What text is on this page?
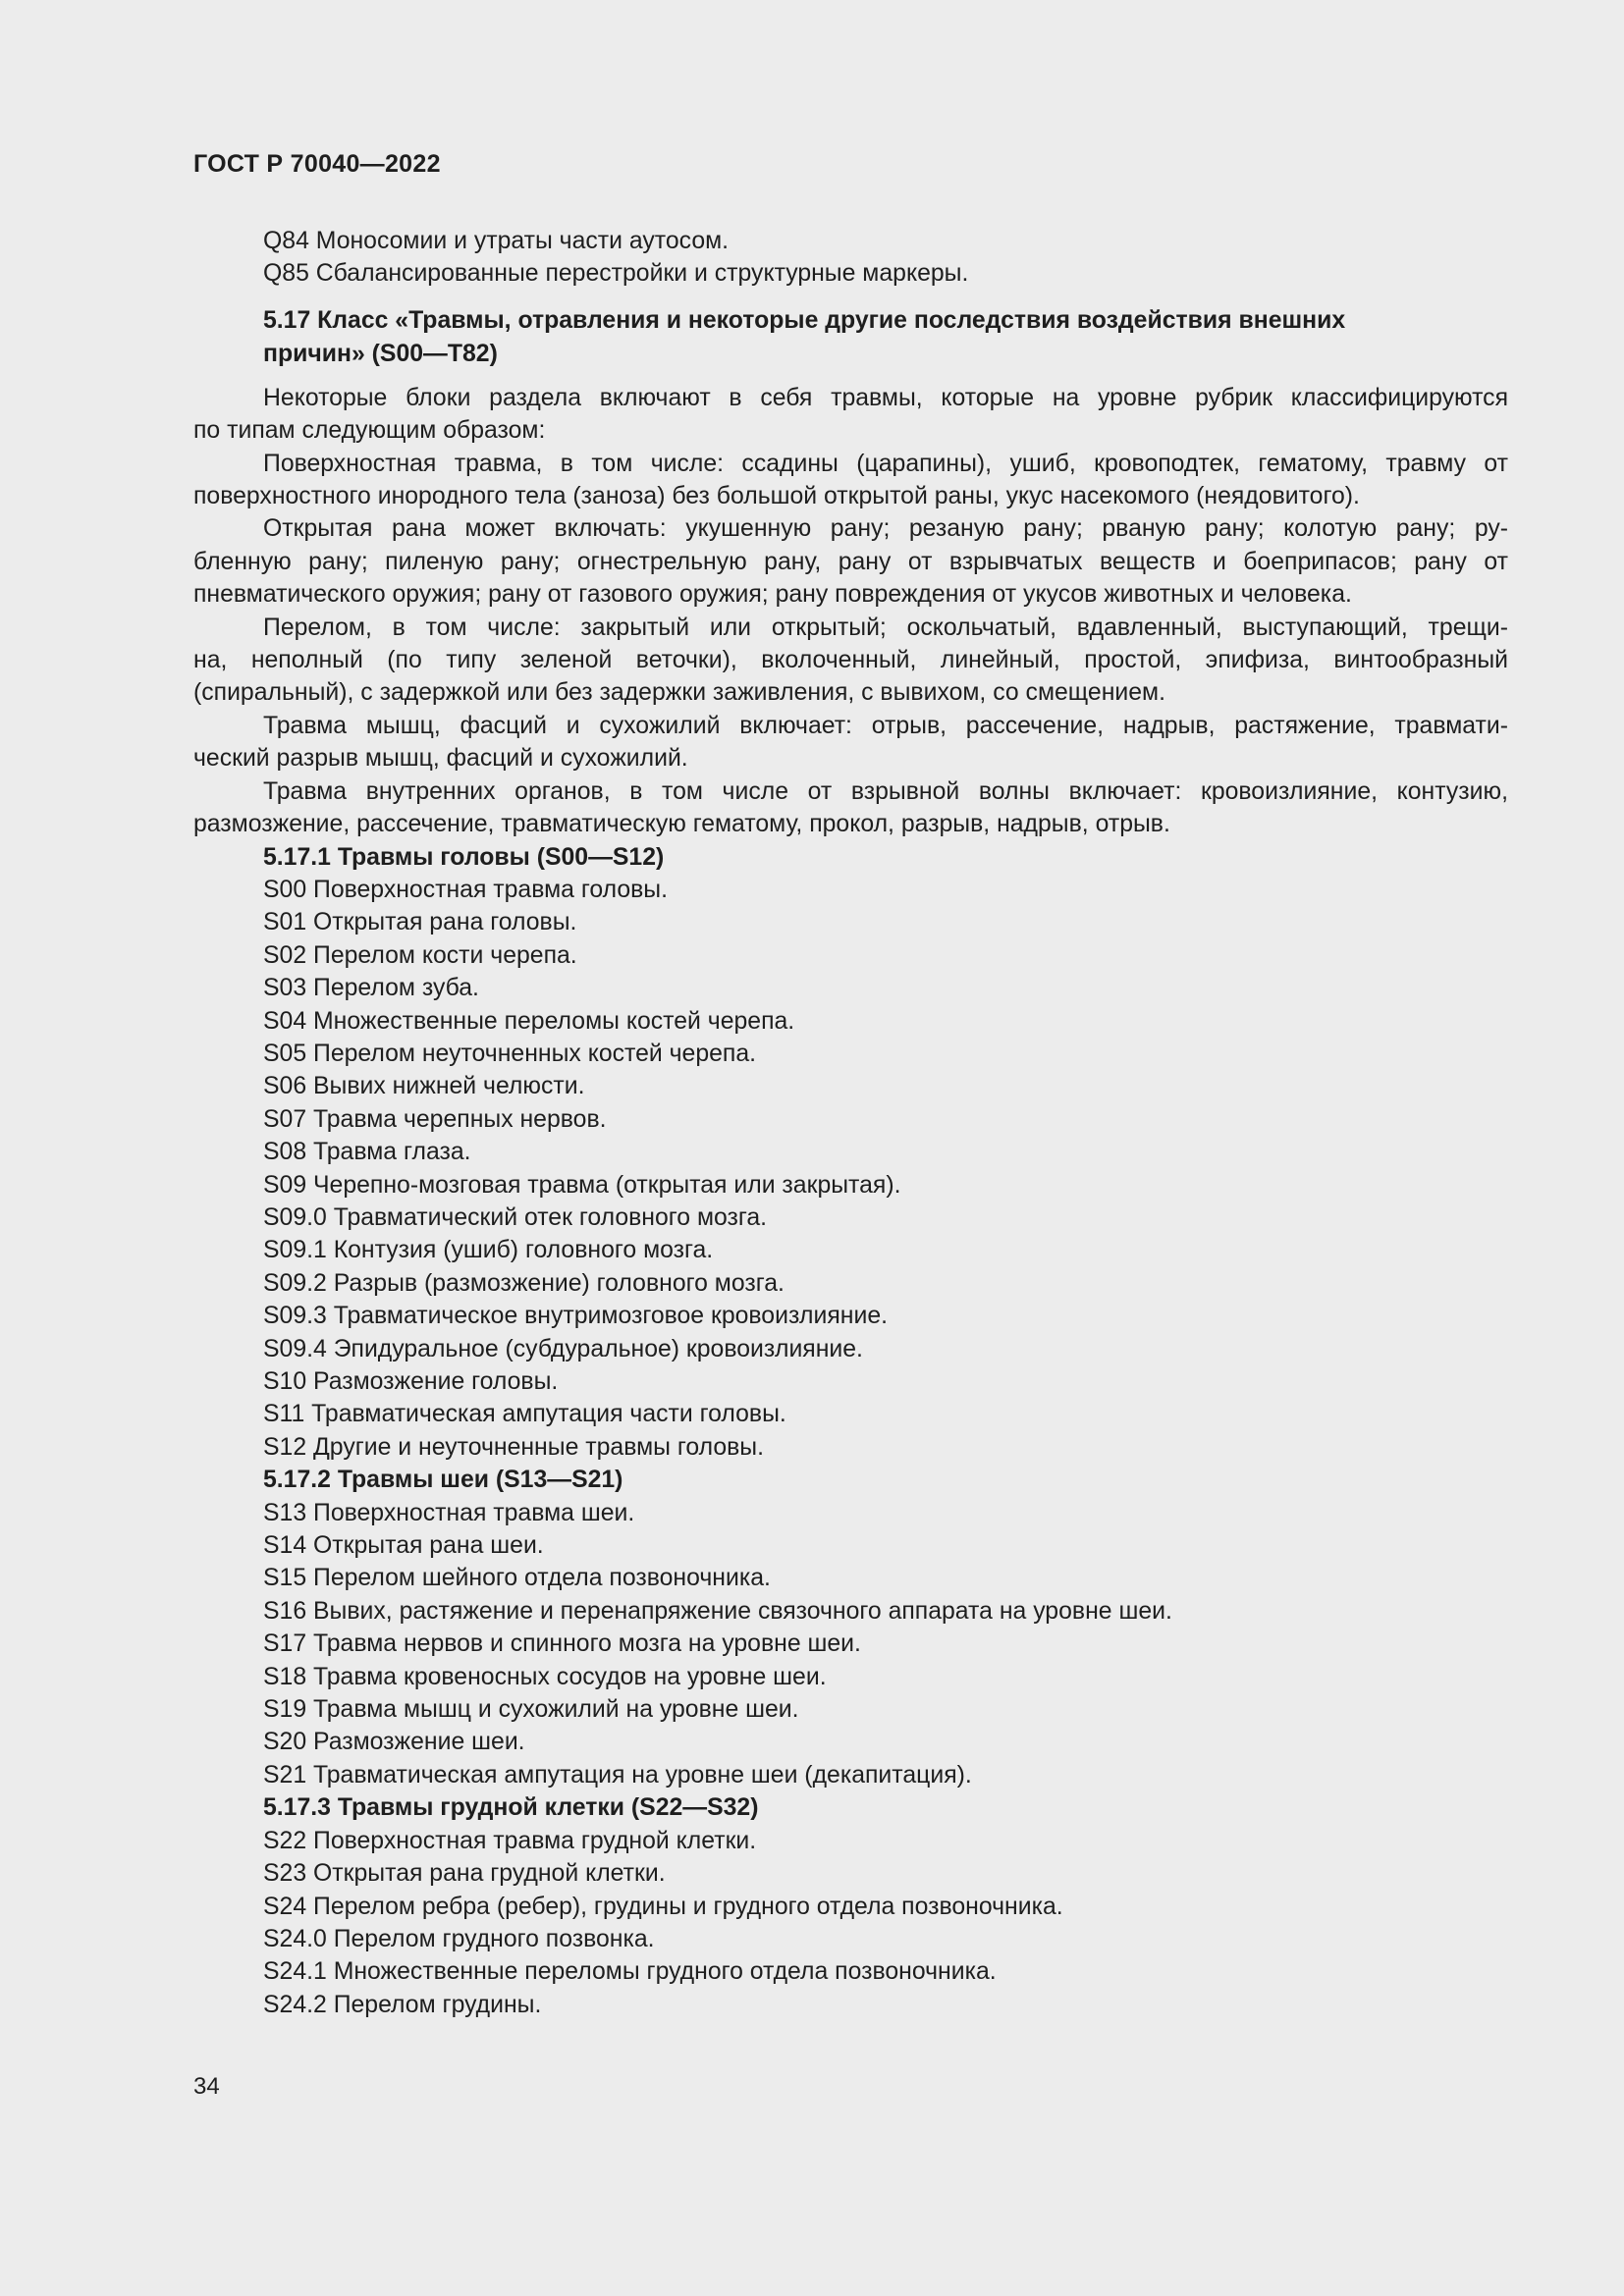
ГОСТ Р 70040—2022
Q84 Моносомии и утраты части аутосом.
Q85 Сбалансированные перестройки и структурные маркеры.
5.17 Класс «Травмы, отравления и некоторые другие последствия воздействия внешних
причин» (S00—T82)
Некоторые блоки раздела включают в себя травмы, которые на уровне рубрик классифицируются
по типам следующим образом:
Поверхностная травма, в том числе: ссадины (царапины), ушиб, кровоподтек, гематому, травму от
поверхностного инородного тела (заноза) без большой открытой раны, укус насекомого (неядовитого).
Открытая рана может включать: укушенную рану; резаную рану; рваную рану; колотую рану; ру-
бленную рану; пиленую рану; огнестрельную рану, рану от взрывчатых веществ и боеприпасов; рану от
пневматического оружия; рану от газового оружия; рану повреждения от укусов животных и человека.
Перелом, в том числе: закрытый или открытый; оскольчатый, вдавленный, выступающий, трещи-
на, неполный (по типу зеленой веточки), вколоченный, линейный, простой, эпифиза, винтообразный
(спиральный), с задержкой или без задержки заживления, с вывихом, со смещением.
Травма мышц, фасций и сухожилий включает: отрыв, рассечение, надрыв, растяжение, травмати-
ческий разрыв мышц, фасций и сухожилий.
Травма внутренних органов, в том числе от взрывной волны включает: кровоизлияние, контузию,
размозжение, рассечение, травматическую гематому, прокол, разрыв, надрыв, отрыв.
5.17.1 Травмы головы (S00—S12)
S00 Поверхностная травма головы.
S01 Открытая рана головы.
S02 Перелом кости черепа.
S03 Перелом зуба.
S04 Множественные переломы костей черепа.
S05 Перелом неуточненных костей черепа.
S06 Вывих нижней челюсти.
S07 Травма черепных нервов.
S08 Травма глаза.
S09 Черепно-мозговая травма (открытая или закрытая).
S09.0 Травматический отек головного мозга.
S09.1 Контузия (ушиб) головного мозга.
S09.2 Разрыв (размозжение) головного мозга.
S09.3 Травматическое внутримозговое кровоизлияние.
S09.4 Эпидуральное (субдуральное) кровоизлияние.
S10 Размозжение головы.
S11 Травматическая ампутация части головы.
S12 Другие и неуточненные травмы головы.
5.17.2 Травмы шеи (S13—S21)
S13 Поверхностная травма шеи.
S14 Открытая рана шеи.
S15 Перелом шейного отдела позвоночника.
S16 Вывих, растяжение и перенапряжение связочного аппарата на уровне шеи.
S17 Травма нервов и спинного мозга на уровне шеи.
S18 Травма кровеносных сосудов на уровне шеи.
S19 Травма мышц и сухожилий на уровне шеи.
S20 Размозжение шеи.
S21 Травматическая ампутация на уровне шеи (декапитация).
5.17.3 Травмы грудной клетки (S22—S32)
S22 Поверхностная травма грудной клетки.
S23 Открытая рана грудной клетки.
S24 Перелом ребра (ребер), грудины и грудного отдела позвоночника.
S24.0 Перелом грудного позвонка.
S24.1 Множественные переломы грудного отдела позвоночника.
S24.2 Перелом грудины.
34
